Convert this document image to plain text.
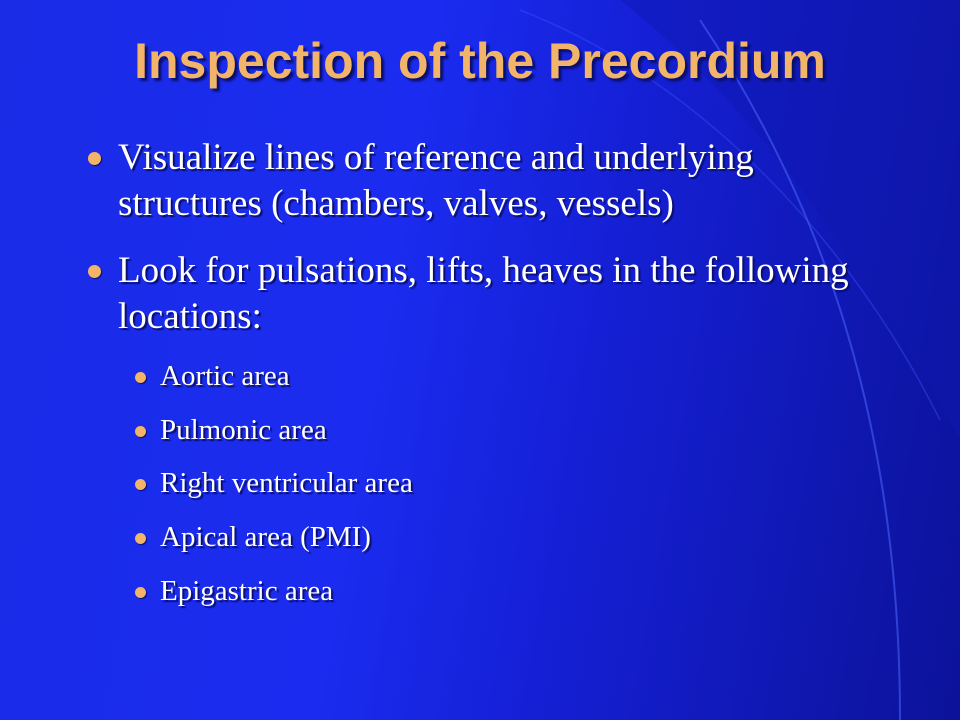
Inspection of the Precordium
Visualize lines of reference and underlying structures (chambers, valves, vessels)
Look for pulsations, lifts, heaves in the following locations:
Aortic area
Pulmonic area
Right ventricular area
Apical area (PMI)
Epigastric area
